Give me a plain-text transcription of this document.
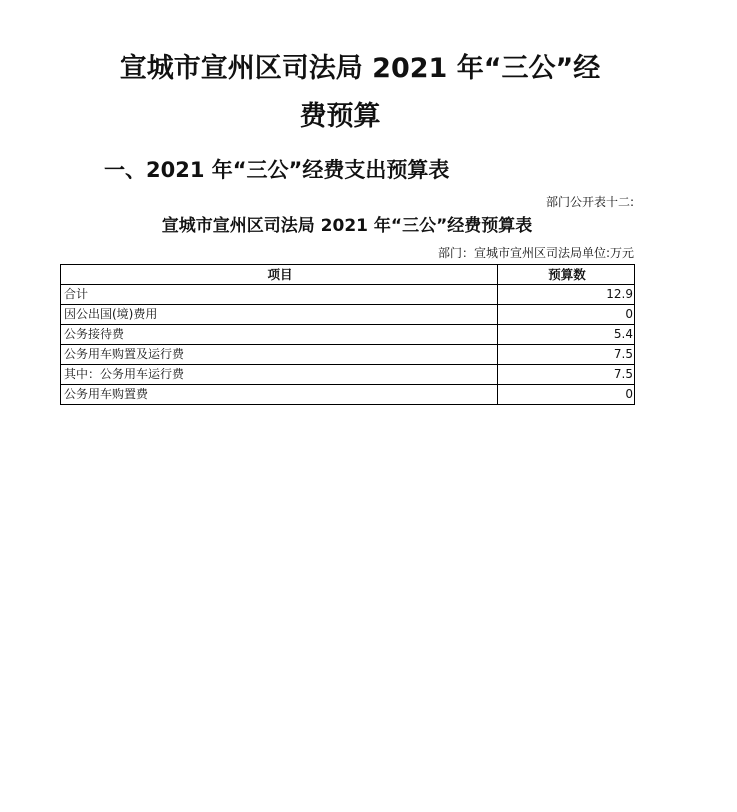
宣城市宣州区司法局 2021 年“三公”经
费预算
一、2021 年“三公”经费支出预算表
部门公开表十二:
宣城市宣州区司法局 2021 年“三公”经费预算表
部门：宣城市宣州区司法局单位:万元
项目	预算数
合计	12.9
因公出国(境)费用	0
公务接待费	5.4
公务用车购置及运行费	7.5
其中：公务用车运行费	7.5
公务用车购置费	0
